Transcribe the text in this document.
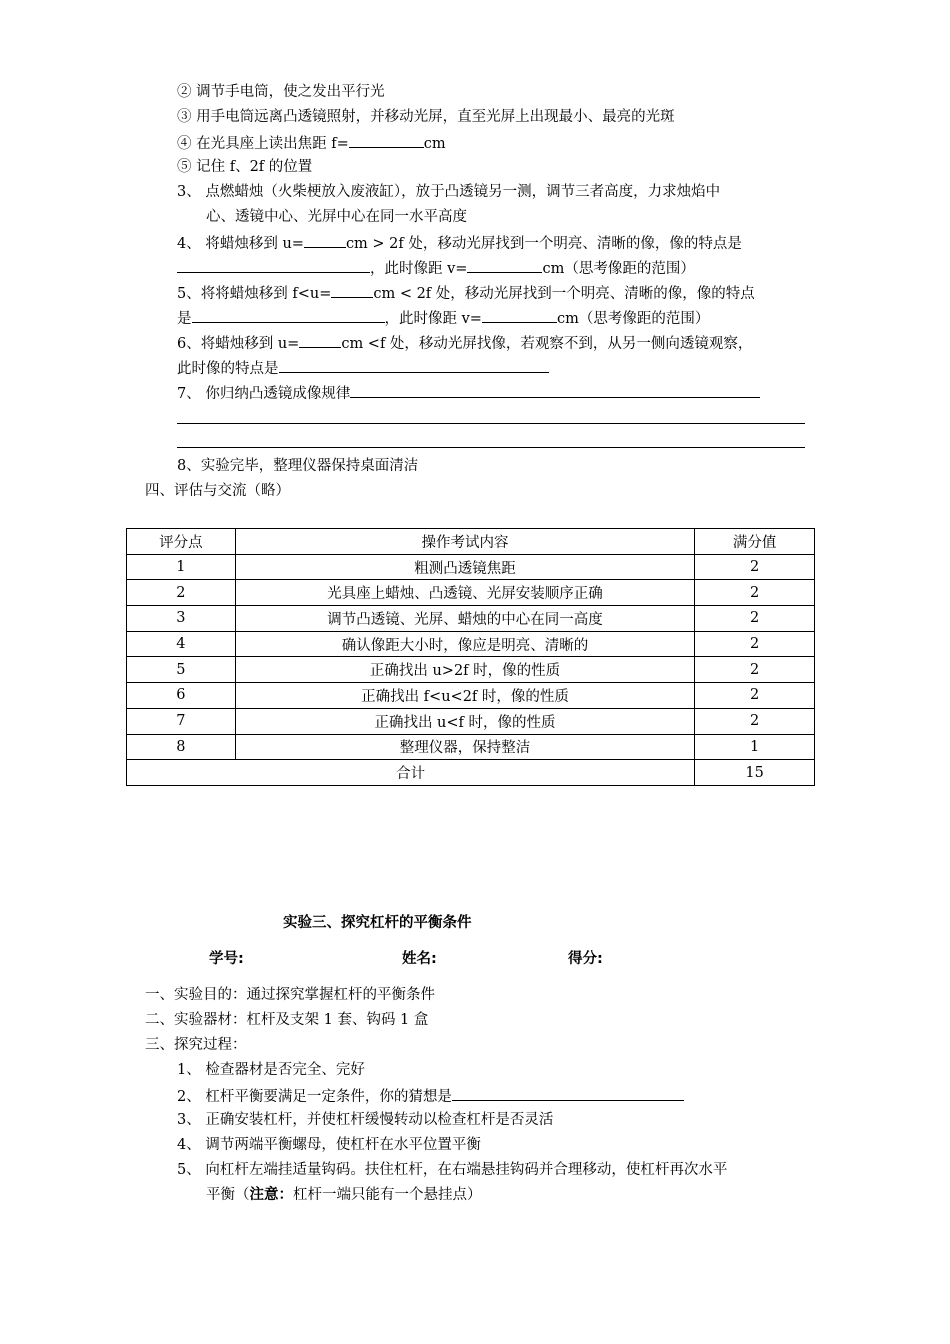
② 调节手电筒，使之发出平行光
③ 用手电筒远离凸透镜照射，并移动光屏，直至光屏上出现最小、最亮的光斑
④ 在光具座上读出焦距 f=	cm
⑤ 记住 f、2f 的位置
3、 点燃蜡烛（火柴梗放入废液缸），放于凸透镜另一测，调节三者高度，力求烛焰中
心、透镜中心、光屏中心在同一水平高度
4、 将蜡烛移到 u=	cm > 2f 处，移动光屏找到一个明亮、清晰的像，像的特点是
，此时像距 v=	cm（思考像距的范围）
5、将将蜡烛移到 f<u=	cm < 2f 处，移动光屏找到一个明亮、清晰的像，像的特点
是	，此时像距 v=	cm（思考像距的范围）
6、将蜡烛移到 u=	cm <f 处，移动光屏找像，若观察不到，从另一侧向透镜观察，
此时像的特点是
7、 你归纳凸透镜成像规律
8、实验完毕，整理仪器保持桌面清洁
四、评估与交流（略）
评分点	操作考试内容	满分值
1	粗测凸透镜焦距	2
2	光具座上蜡烛、凸透镜、光屏安装顺序正确	2
3	调节凸透镜、光屏、蜡烛的中心在同一高度	2
4	确认像距大小时，像应是明亮、清晰的	2
5	正确找出 u>2f 时，像的性质	2
6	正确找出 f<u<2f 时，像的性质	2
7	正确找出 u<f 时，像的性质	2
8	整理仪器，保持整洁	1
合计		15
实验三、探究杠杆的平衡条件
学号:	姓名:	得分:
一、实验目的：通过探究掌握杠杆的平衡条件
二、实验器材：杠杆及支架 1 套、钩码 1 盒
三、探究过程：
1、 检查器材是否完全、完好
2、 杠杆平衡要满足一定条件，你的猜想是
3、 正确安装杠杆，并使杠杆缓慢转动以检查杠杆是否灵活
4、 调节两端平衡螺母，使杠杆在水平位置平衡
5、 向杠杆左端挂适量钩码。扶住杠杆，在右端悬挂钩码并合理移动，使杠杆再次水平
平衡（注意：杠杆一端只能有一个悬挂点）
